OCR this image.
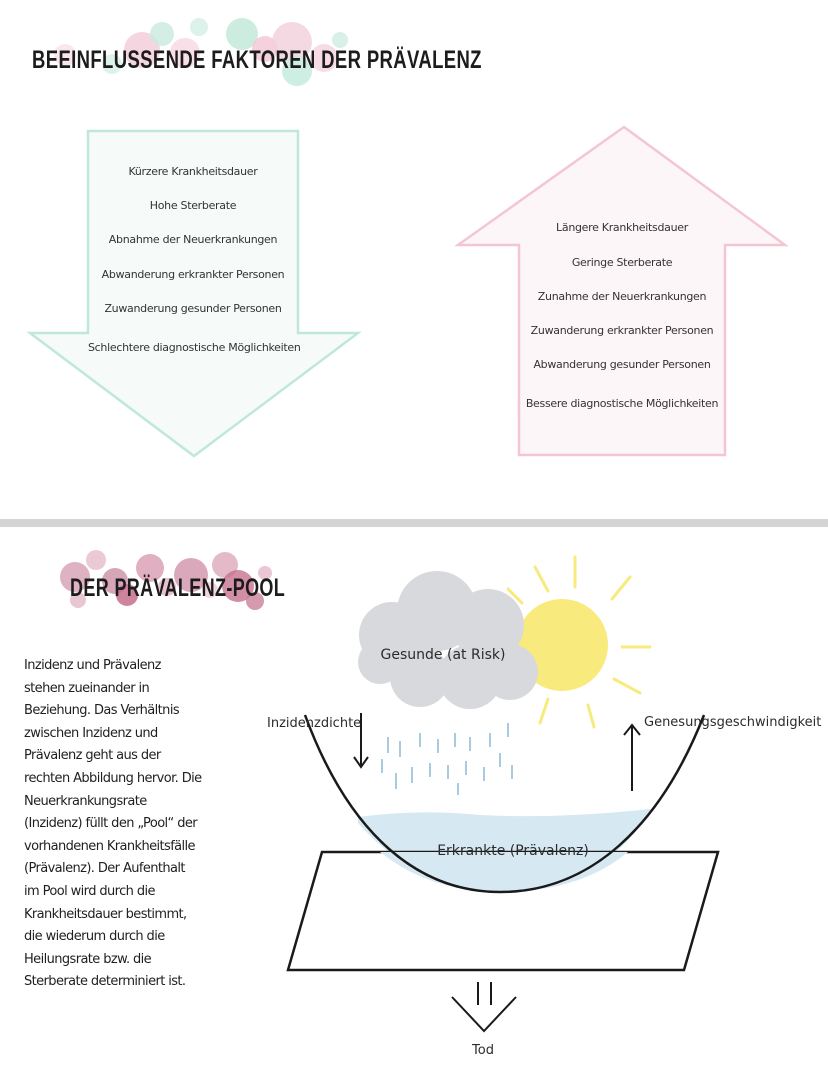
BEEINFLUSSENDE FAKTOREN DER PRÄVALENZ
Kürzere Krankheitsdauer
Hohe Sterberate
Abnahme der Neuerkrankungen
Abwanderung erkrankter Personen
Zuwanderung gesunder Personen
Schlechtere diagnostische Möglichkeiten
Längere Krankheitsdauer
Geringe Sterberate
Zunahme der Neuerkrankungen
Zuwanderung erkrankter Personen
Abwanderung gesunder Personen
Bessere diagnostische Möglichkeiten
DER PRÄVALENZ-POOL
Inzidenz und Prävalenz
stehen zueinander in
Beziehung. Das Verhältnis
zwischen Inzidenz und
Prävalenz geht aus der
rechten Abbildung hervor. Die
Neuerkrankungsrate
(Inzidenz) füllt den „Pool“ der
vorhandenen Krankheitsfälle
(Prävalenz). Der Aufenthalt
im Pool wird durch die
Krankheitsdauer bestimmt,
die wiederum durch die
Heilungsrate bzw. die
Sterberate determiniert ist.
Gesunde (at Risk)
Erkrankte (Prävalenz)
Inzidenzdichte	Genesungsgeschwindigkeit
Tod
